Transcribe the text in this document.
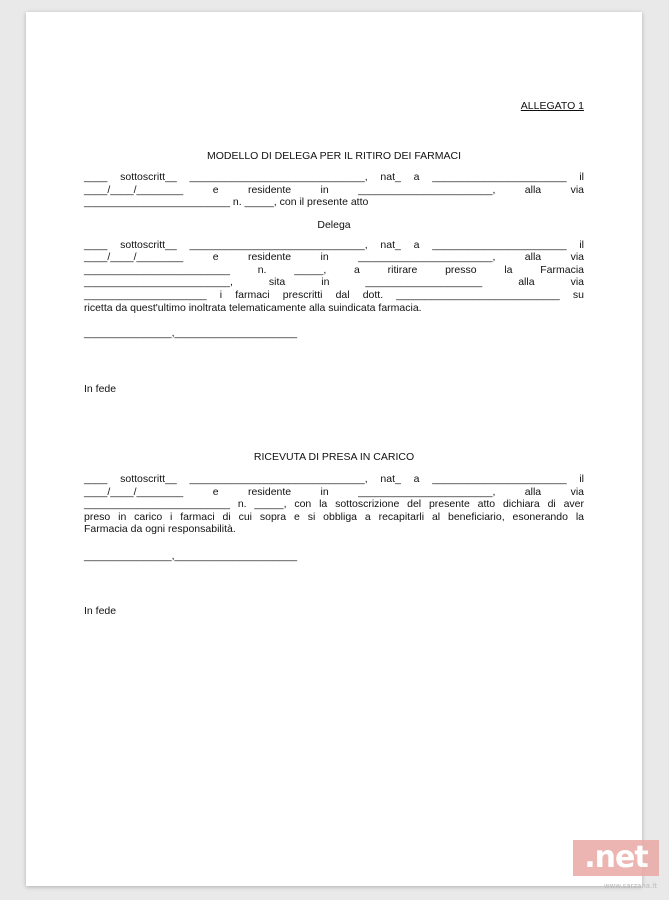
ALLEGATO 1

MODELLO DI DELEGA PER IL RITIRO DEI FARMACI

____ sottoscritt__ ______________________________, nat_ a _______________________ il

____/____/________ e residente in _______________________, alla via

_________________________ n. _____, con il presente atto

Delega

____ sottoscritt__ ______________________________, nat_ a _______________________ il

____/____/________ e residente in _______________________, alla via

_________________________ n. _____, a ritirare presso la Farmacia

_________________________, sita in ____________________ alla via

_____________________ i farmaci prescritti dal dott. ____________________________ su

ricetta da quest'ultimo inoltrata telematicamente alla suindicata farmacia.

_______________,_____________________

In fede

RICEVUTA DI PRESA IN CARICO

____ sottoscritt__ ______________________________, nat_ a _______________________ il

____/____/________ e residente in _______________________, alla via

_________________________ n. _____, con la sottoscrizione del presente atto dichiara di aver

preso in carico i farmaci di cui sopra e si obbliga a recapitarli al beneficiario, esonerando la

Farmacia da ogni responsabilità.

_______________,_____________________

In fede

.net
www.sarzana.it
